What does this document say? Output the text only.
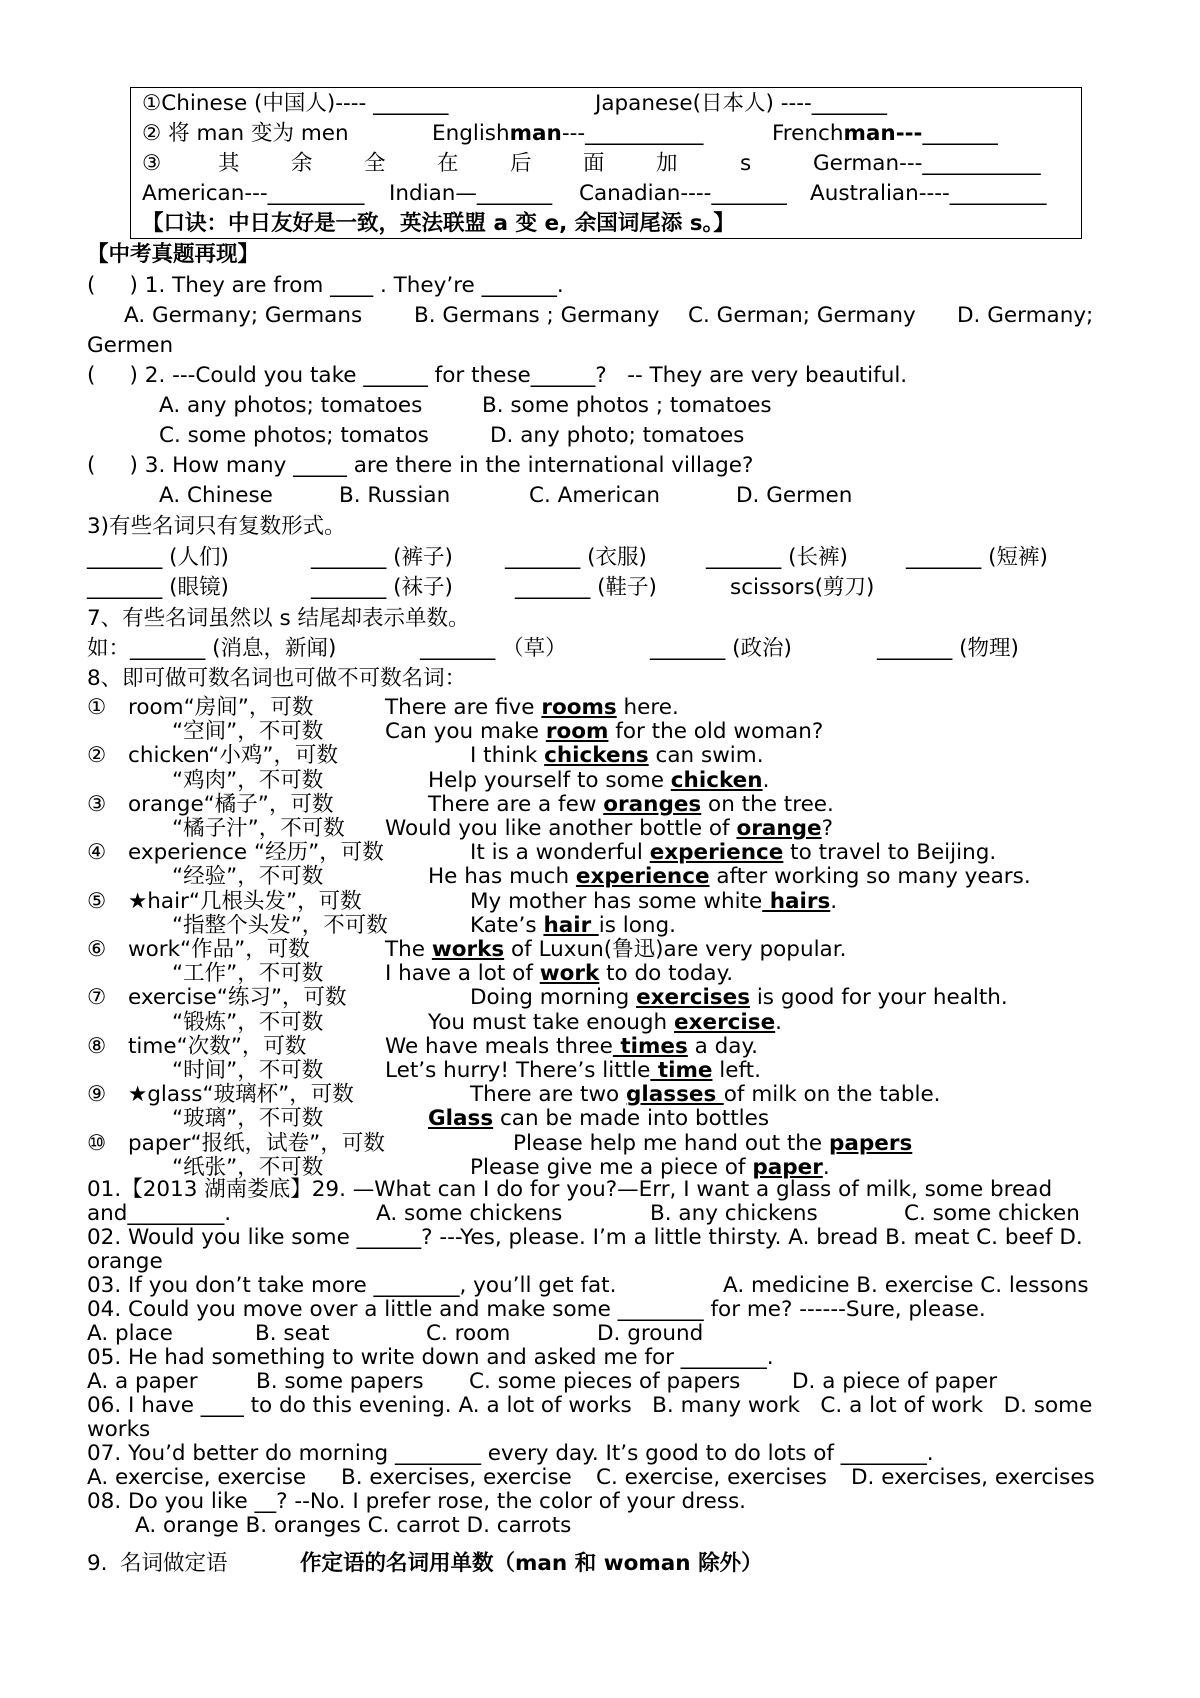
①Chinese (中国人)---- _______	Japanese(日本人) ----_______
② 将 man 变为 men	Englishman---___________	Frenchman---_______
③	其 余 全 在 后 面 加	s	German---___________
American---_________ Indian—_______ Canadian----_______ Australian----_________
【口诀：中日友好是一致，英法联盟 a 变 e, 余国词尾添 s。】
【中考真题再现】
(     ) 1. They are from ____ . They’re _______.
A. Germany; Germans B. Germans ; Germany C. German; Germany D. Germany;
Germen
(     ) 2. ---Could you take ______ for these______?   -- They are very beautiful.
A. any photos; tomatoes	B. some photos ; tomatoes
C. some photos; tomatos	D. any photo; tomatoes
(     ) 3. How many _____ are there in the international village?
A. Chinese	B. Russian	C. American	D. Germen
3)有些名词只有复数形式。
_______ (人们)	_______ (裤子) _______ (衣服)	_______ (长裤)	_______ (短裤)
_______ (眼镜)	_______ (袜子)	_______ (鞋子)	scissors(剪刀)
7、有些名词虽然以 s 结尾却表示单数。
如：_______ (消息，新闻)	_______ （草）	_______ (政治)	_______ (物理)
8、即可做可数名词也可做不可数名词：
① room“房间”，可数	There are five rooms here.
“空间”，不可数	Can you make room for the old woman?
② chicken“小鸡”，可数	I think chickens can swim.
“鸡肉”，不可数	Help yourself to some chicken.
③ orange“橘子”，可数	There are a few oranges on the tree.
“橘子汁”，不可数 Would you like another bottle of orange?
④ experience “经历”，可数	It is a wonderful experience to travel to Beijing.
“经验”，不可数	He has much experience after working so many years.
⑤ ★hair“几根头发”，可数	My mother has some white hairs.
“指整个头发”，不可数	Kate’s hair is long.
⑥ work“作品”，可数	The works of Luxun(鲁迅)are very popular.
“工作”，不可数	I have a lot of work to do today.
⑦ exercise“练习”，可数	Doing morning exercises is good for your health.
“锻炼”，不可数	You must take enough exercise.
⑧ time“次数”，可数	We have meals three times a day.
“时间”，不可数	Let’s hurry! There’s little time left.
⑨ ★glass“玻璃杯”，可数	There are two glasses of milk on the table.
“玻璃”，不可数	Glass can be made into bottles
⑩ paper“报纸，试卷”，可数	Please help me hand out the papers
“纸张”，不可数	Please give me a piece of paper.
01.【2013 湖南娄底】29. —What can I do for you?—Err, I want a glass of milk, some bread
and_________.	A. some chickens	B. any chickens	C. some chicken
02. Would you like some ______? ---Yes, please. I’m a little thirsty. A. bread B. meat C. beef D.
orange
03. If you don’t take more ________, you’ll get fat.	A. medicine B. exercise C. lessons
04. Could you move over a little and make some ________ for me? ------Sure, please.
A. place	B. seat	C. room	D. ground
05. He had something to write down and asked me for ________.
A. a paper	B. some papers C. some pieces of papers D. a piece of paper
06. I have ____ to do this evening. A. a lot of works   B. many work   C. a lot of work   D. some
works
07. You’d better do morning ________ every day. It’s good to do lots of ________.
A. exercise, exercise B. exercises, exercise C. exercise, exercises D. exercises, exercises
08. Do you like __? --No. I prefer rose, the color of your dress.
A. orange B. oranges C. carrot D. carrots
9. 名词做定语	作定语的名词用单数（man 和 woman 除外）
